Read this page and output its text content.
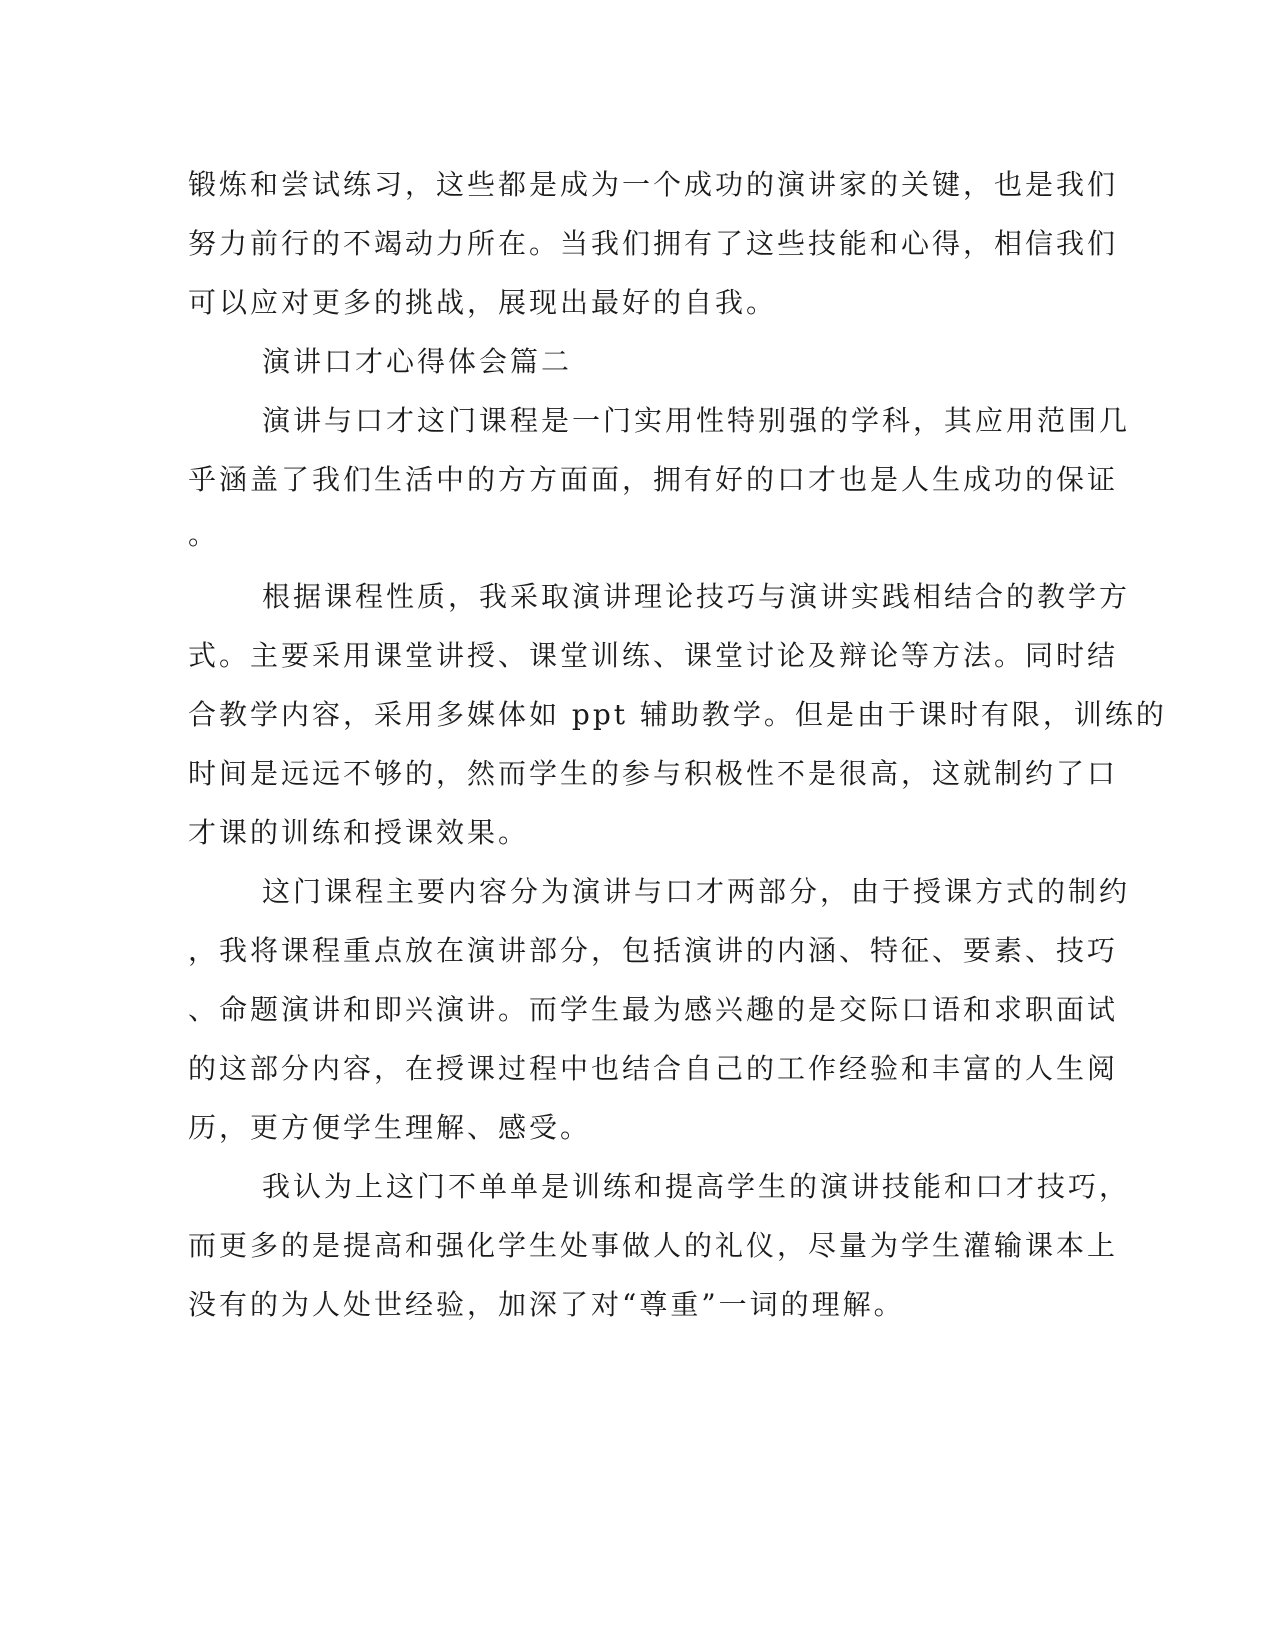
锻炼和尝试练习，这些都是成为一个成功的演讲家的关键，也是我们
努力前行的不竭动力所在。当我们拥有了这些技能和心得，相信我们
可以应对更多的挑战，展现出最好的自我。
演讲口才心得体会篇二
演讲与口才这门课程是一门实用性特别强的学科，其应用范围几
乎涵盖了我们生活中的方方面面，拥有好的口才也是人生成功的保证
。
根据课程性质，我采取演讲理论技巧与演讲实践相结合的教学方
式。主要采用课堂讲授、课堂训练、课堂讨论及辩论等方法。同时结
合教学内容，采用多媒体如 ppt 辅助教学。但是由于课时有限，训练的
时间是远远不够的，然而学生的参与积极性不是很高，这就制约了口
才课的训练和授课效果。
这门课程主要内容分为演讲与口才两部分，由于授课方式的制约
，我将课程重点放在演讲部分，包括演讲的内涵、特征、要素、技巧
、命题演讲和即兴演讲。而学生最为感兴趣的是交际口语和求职面试
的这部分内容，在授课过程中也结合自己的工作经验和丰富的人生阅
历，更方便学生理解、感受。
我认为上这门不单单是训练和提高学生的演讲技能和口才技巧，
而更多的是提高和强化学生处事做人的礼仪，尽量为学生灌输课本上
没有的为人处世经验，加深了对“尊重”一词的理解。
